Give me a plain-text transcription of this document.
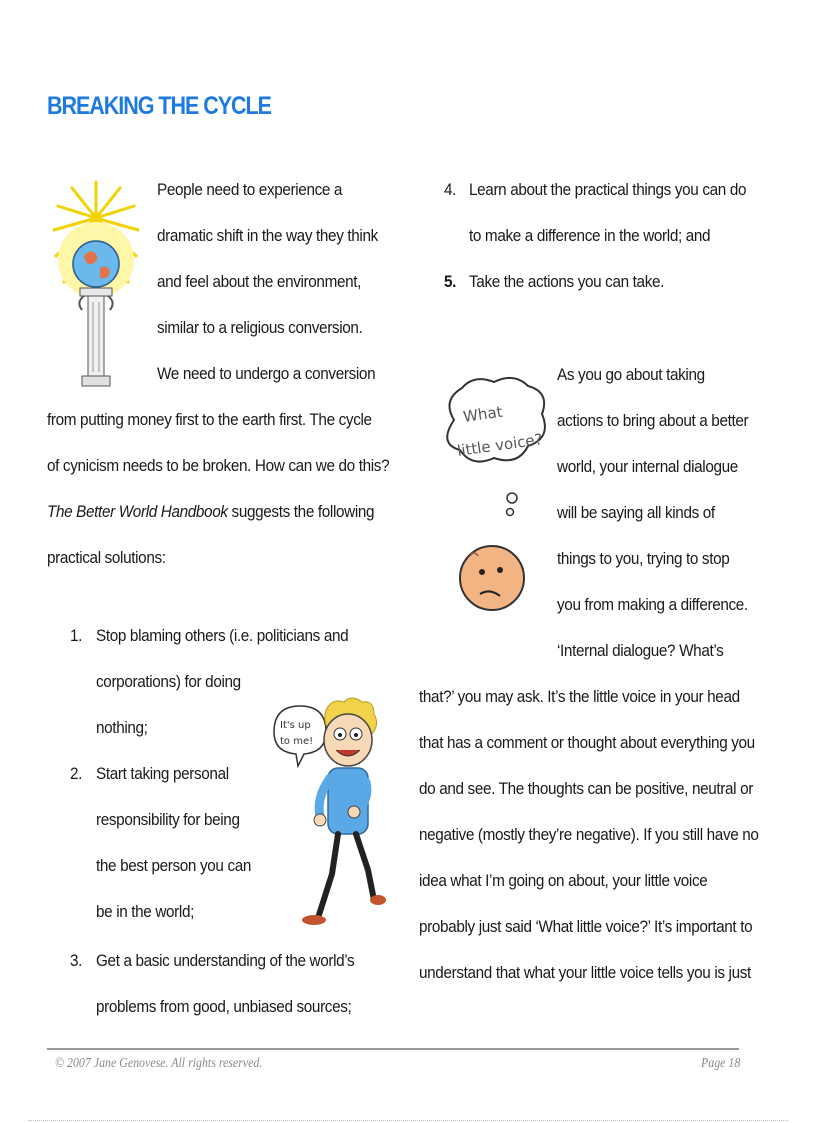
BREAKING THE CYCLE
People need to experience a
dramatic shift in the way they think
and feel about the environment,
similar to a religious conversion.
We need to undergo a conversion
from putting money first to the earth first. The cycle
of cynicism needs to be broken. How can we do this?
The Better World Handbook suggests the following
practical solutions:
1. Stop blaming others (i.e. politicians and
corporations) for doing
nothing;
2. Start taking personal
responsibility for being
the best person you can
be in the world;
3. Get a basic understanding of the world’s
problems from good, unbiased sources;
It's up
to me!
4. Learn about the practical things you can do
to make a difference in the world; and
5. Take the actions you can take.
What
little voice?
As you go about taking
actions to bring about a better
world, your internal dialogue
will be saying all kinds of
things to you, trying to stop
you from making a difference.
‘Internal dialogue? What’s
that?’ you may ask. It’s the little voice in your head
that has a comment or thought about everything you
do and see. The thoughts can be positive, neutral or
negative (mostly they’re negative). If you still have no
idea what I’m going on about, your little voice
probably just said ‘What little voice?’ It’s important to
understand that what your little voice tells you is just
© 2007 Jane Genovese. All rights reserved.	Page 18
